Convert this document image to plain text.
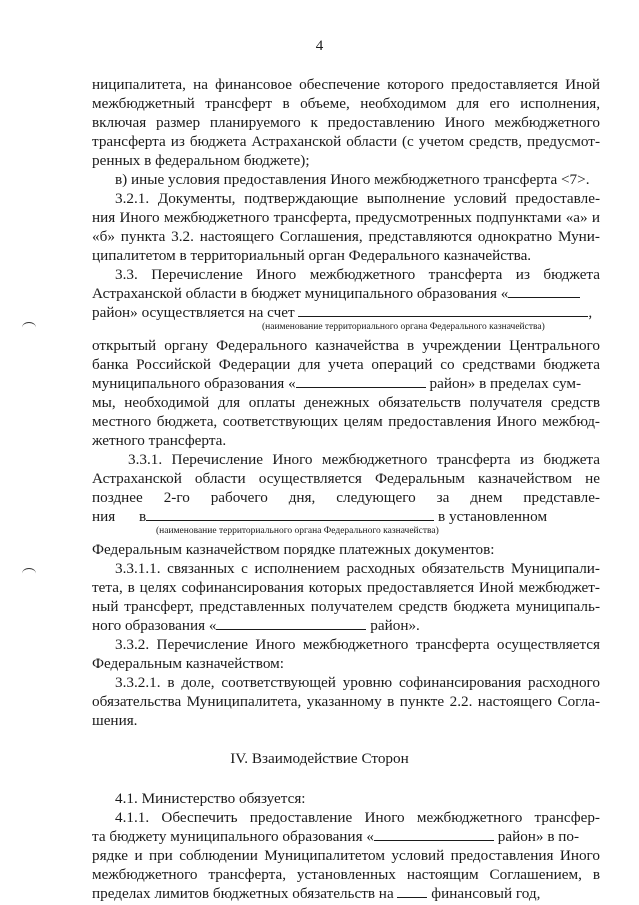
4
ниципалитета, на финансовое обеспечение которого предоставляется Иной
межбюджетный трансферт в объеме, необходимом для его исполнения,
включая размер планируемого к предоставлению Иного межбюджетного
трансферта из бюджета Астраханской области (с учетом средств, предусмот-
ренных в федеральном бюджете);
в) иные условия предоставления Иного межбюджетного трансферта <7>.
3.2.1. Документы, подтверждающие выполнение условий предоставле-
ния Иного межбюджетного трансферта, предусмотренных подпунктами «а» и
«б» пункта 3.2. настоящего Соглашения, представляются однократно Муни-
ципалитетом в территориальный орган Федерального казначейства.
3.3. Перечисление Иного межбюджетного трансферта из бюджета
Астраханской области в бюджет муниципального образования «
район» осуществляется на счет	,
(наименование территориального органа Федерального казначейства)
открытый органу Федерального казначейства в учреждении Центрального
банка Российской Федерации для учета операций со средствами бюджета
муниципального образования «	район» в пределах сум-
мы, необходимой для оплаты денежных обязательств получателя средств
местного бюджета, соответствующих целям предоставления Иного межбюд-
жетного трансферта.
3.3.1. Перечисление Иного межбюджетного трансферта из бюджета
Астраханской области осуществляется Федеральным казначейством не
позднее 2-го рабочего дня, следующего за днем представле-
ния в	в установленном
(наименование территориального органа Федерального казначейства)
Федеральным казначейством порядке платежных документов:
3.3.1.1. связанных с исполнением расходных обязательств Муниципали-
тета, в целях софинансирования которых предоставляется Иной межбюджет-
ный трансферт, представленных получателем средств бюджета муниципаль-
ного образования «	район».
3.3.2. Перечисление Иного межбюджетного трансферта осуществляется
Федеральным казначейством:
3.3.2.1. в доле, соответствующей уровню софинансирования расходного
обязательства Муниципалитета, указанному в пункте 2.2. настоящего Согла-
шения.
IV. Взаимодействие Сторон
4.1. Министерство обязуется:
4.1.1. Обеспечить предоставление Иного межбюджетного трансфер-
та бюджету муниципального образования «	район» в по-
рядке и при соблюдении Муниципалитетом условий предоставления Иного
межбюджетного трансферта, установленных настоящим Соглашением, в
пределах лимитов бюджетных обязательств на финансовый год,
